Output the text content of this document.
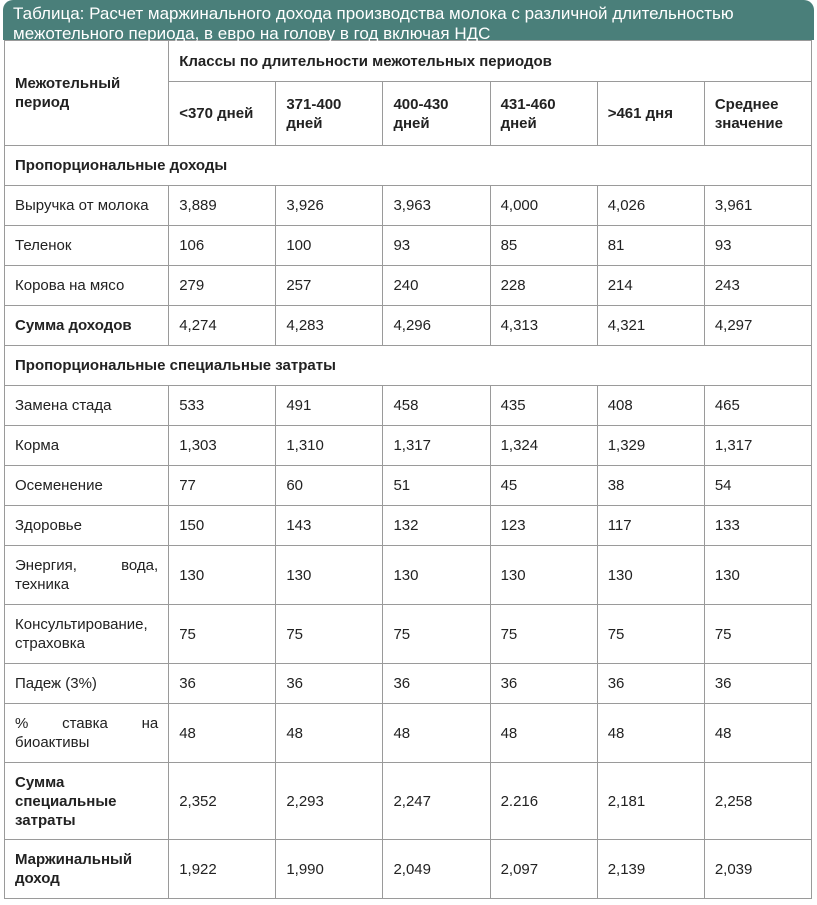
Таблица: Расчет маржинального дохода производства молока с различной длительностью межотельного периода, в евро на голову в год включая НДС
Межотельный период	Классы по длительности межотельных периодов					
	<370 дней	371-400 дней	400-430 дней	431-460 дней	>461 дня	Среднее значение
Пропорциональные доходы						
Выручка от молока	3,889	3,926	3,963	4,000	4,026	3,961
Теленок	106	100	93	85	81	93
Корова на мясо	279	257	240	228	214	243
Сумма доходов	4,274	4,283	4,296	4,313	4,321	4,297
Пропорциональные специальные затраты						
Замена стада	533	491	458	435	408	465
Корма	1,303	1,310	1,317	1,324	1,329	1,317
Осеменение	77	60	51	45	38	54
Здоровье	150	143	132	123	117	133

Энергия, вода, техника	130	130	130	130	130	130

Консультирование, страховка	75	75	75	75	75	75
Падеж (3%)	36	36	36	36	36	36

% ставка на биоактивы	48	48	48	48	48	48
Сумма специальные затраты	2,352	2,293	2,247	2.216	2,181	2,258
Маржинальный доход	1,922	1,990	2,049	2,097	2,139	2,039
